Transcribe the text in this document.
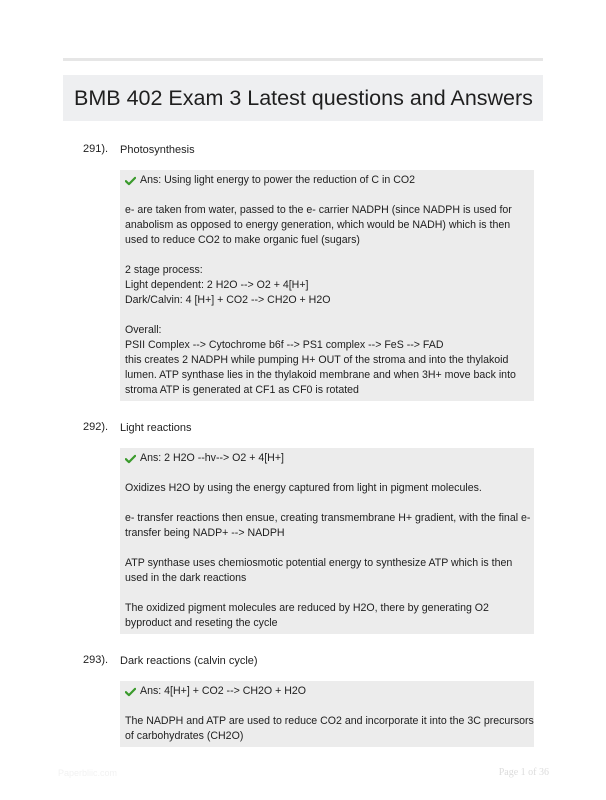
BMB 402 Exam 3 Latest questions and Answers
291). Photosynthesis
Ans: Using light energy to power the reduction of C in CO2
e- are taken from water, passed to the e- carrier NADPH (since NADPH is used for
anabolism as opposed to energy generation, which would be NADH) which is then
used to reduce CO2 to make organic fuel (sugars)
2 stage process:
Light dependent: 2 H2O --> O2 + 4[H+]
Dark/Calvin: 4 [H+] + CO2 --> CH2O + H2O
Overall:
PSII Complex --> Cytochrome b6f --> PS1 complex --> FeS --> FAD
this creates 2 NADPH while pumping H+ OUT of the stroma and into the thylakoid
lumen. ATP synthase lies in the thylakoid membrane and when 3H+ move back into
stroma ATP is generated at CF1 as CF0 is rotated
292). Light reactions
Ans: 2 H2O --hv--> O2 + 4[H+]
Oxidizes H2O by using the energy captured from light in pigment molecules.
e- transfer reactions then ensue, creating transmembrane H+ gradient, with the final e-
transfer being NADP+ --> NADPH
ATP synthase uses chemiosmotic potential energy to synthesize ATP which is then
used in the dark reactions
The oxidized pigment molecules are reduced by H2O, there by generating O2
byproduct and reseting the cycle
293). Dark reactions (calvin cycle)
Ans: 4[H+] + CO2 --> CH2O + H2O
The NADPH and ATP are used to reduce CO2 and incorporate it into the 3C precursors
of carbohydrates (CH2O)
Paperbliic.com	Page 1 of 36
